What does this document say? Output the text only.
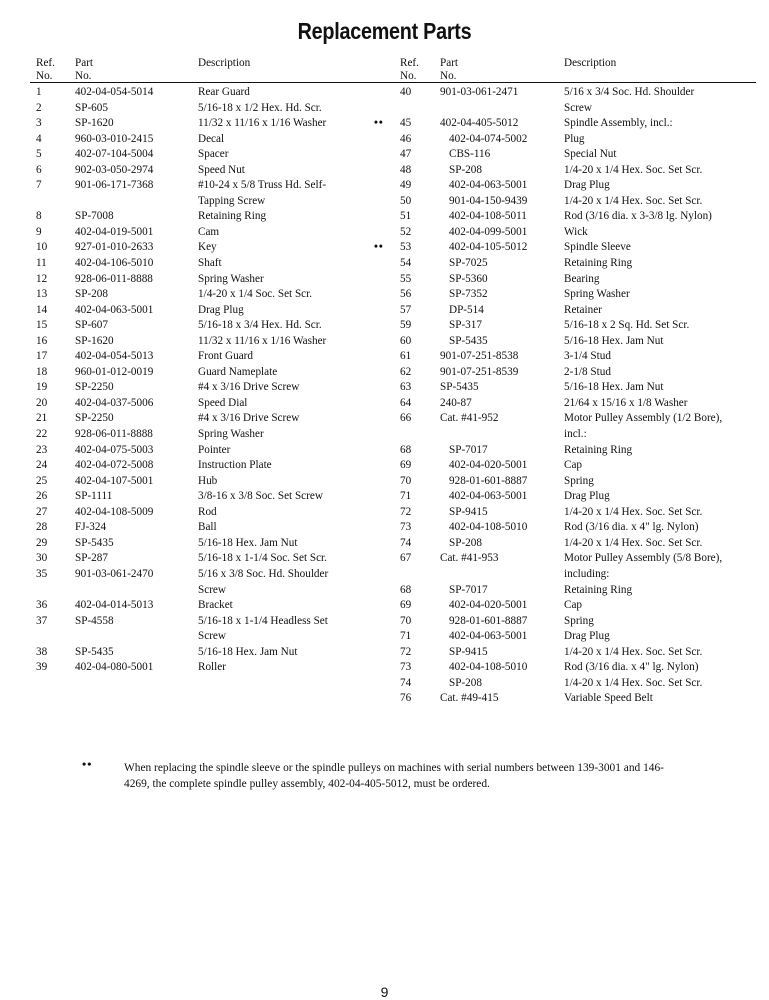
Replacement Parts
Ref.
No.
Part
No.
Description
1	402-04-054-5014	Rear Guard
2	SP-605	5/16-18 x 1/2 Hex. Hd. Scr.
3	SP-1620	11/32 x 11/16 x 1/16 Washer
4	960-03-010-2415	Decal
5	402-07-104-5004	Spacer
6	902-03-050-2974	Speed Nut
7	901-06-171-7368	#10-24 x 5/8 Truss Hd. Self-
Tapping Screw
8	SP-7008	Retaining Ring
9	402-04-019-5001	Cam
10 927-01-010-2633	Key
11	402-04-106-5010	Shaft
12 928-06-011-8888	Spring Washer
13 SP-208	1/4-20 x 1/4 Soc. Set Scr.
14 402-04-063-5001	Drag Plug
15 SP-607	5/16-18 x 3/4 Hex. Hd. Scr.
16 SP-1620	11/32 x 11/16 x 1/16 Washer
17 402-04-054-5013	Front Guard
18 960-01-012-0019	Guard Nameplate
19 SP-2250	#4 x 3/16 Drive Screw
20 402-04-037-5006	Speed Dial
21 SP-2250	#4 x 3/16 Drive Screw
22 928-06-011-8888	Spring Washer
23 402-04-075-5003	Pointer
24 402-04-072-5008	Instruction Plate
25 402-04-107-5001	Hub
26 SP-1111	3/8-16 x 3/8 Soc. Set Screw
27 402-04-108-5009	Rod
28 FJ-324	Ball
29 SP-5435	5/16-18 Hex. Jam Nut
30 SP-287	5/16-18 x 1-1/4 Soc. Set Scr.
35 901-03-061-2470	5/16 x 3/8 Soc. Hd. Shoulder
Screw
36 402-04-014-5013	Bracket
37 SP-4558	5/16-18 x 1-1/4 Headless Set
Screw
38 SP-5435	5/16-18 Hex. Jam Nut
39 402-04-080-5001	Roller
Ref.
No.
Part
No.
Description
40	901-03-061-2471	5/16 x 3/4 Soc. Hd. Shoulder
Screw
•• 45	402-04-405-5012	Spindle Assembly, incl.:
46	402-04-074-5002	Plug
47	CBS-116	Special Nut
48	SP-208	1/4-20 x 1/4 Hex. Soc. Set Scr.
49	402-04-063-5001	Drag Plug
50	901-04-150-9439	1/4-20 x 1/4 Hex. Soc. Set Scr.
51	402-04-108-5011	Rod (3/16 dia. x 3-3/8 lg. Nylon)
52	402-04-099-5001	Wick
•• 53	402-04-105-5012	Spindle Sleeve
54	SP-7025	Retaining Ring
55	SP-5360	Bearing
56	SP-7352	Spring Washer
57	DP-514	Retainer
59	SP-317	5/16-18 x 2 Sq. Hd. Set Scr.
60	SP-5435	5/16-18 Hex. Jam Nut
61	901-07-251-8538	3-1/4 Stud
62	901-07-251-8539	2-1/8 Stud
63	SP-5435	5/16-18 Hex. Jam Nut
64	240-87	21/64 x 15/16 x 1/8 Washer
66	Cat. #41-952	Motor Pulley Assembly (1/2 Bore),
incl.:
68	SP-7017	Retaining Ring
69	402-04-020-5001	Cap
70	928-01-601-8887	Spring
71	402-04-063-5001	Drag Plug
72	SP-9415	1/4-20 x 1/4 Hex. Soc. Set Scr.
73	402-04-108-5010	Rod (3/16 dia. x 4" lg. Nylon)
74	SP-208	1/4-20 x 1/4 Hex. Soc. Set Scr.
67	Cat. #41-953	Motor Pulley Assembly (5/8 Bore),
including:
68	SP-7017	Retaining Ring
69	402-04-020-5001	Cap
70	928-01-601-8887	Spring
71	402-04-063-5001	Drag Plug
72	SP-9415	1/4-20 x 1/4 Hex. Soc. Set Scr.
73	402-04-108-5010	Rod (3/16 dia. x 4" lg. Nylon)
74	SP-208	1/4-20 x 1/4 Hex. Soc. Set Scr.
76	Cat. #49-415	Variable Speed Belt
••	When replacing the spindle sleeve or the spindle pulleys on machines with serial numbers between 139-3001 and 146-4269, the complete spindle pulley assembly, 402-04-405-5012, must be ordered.
9
